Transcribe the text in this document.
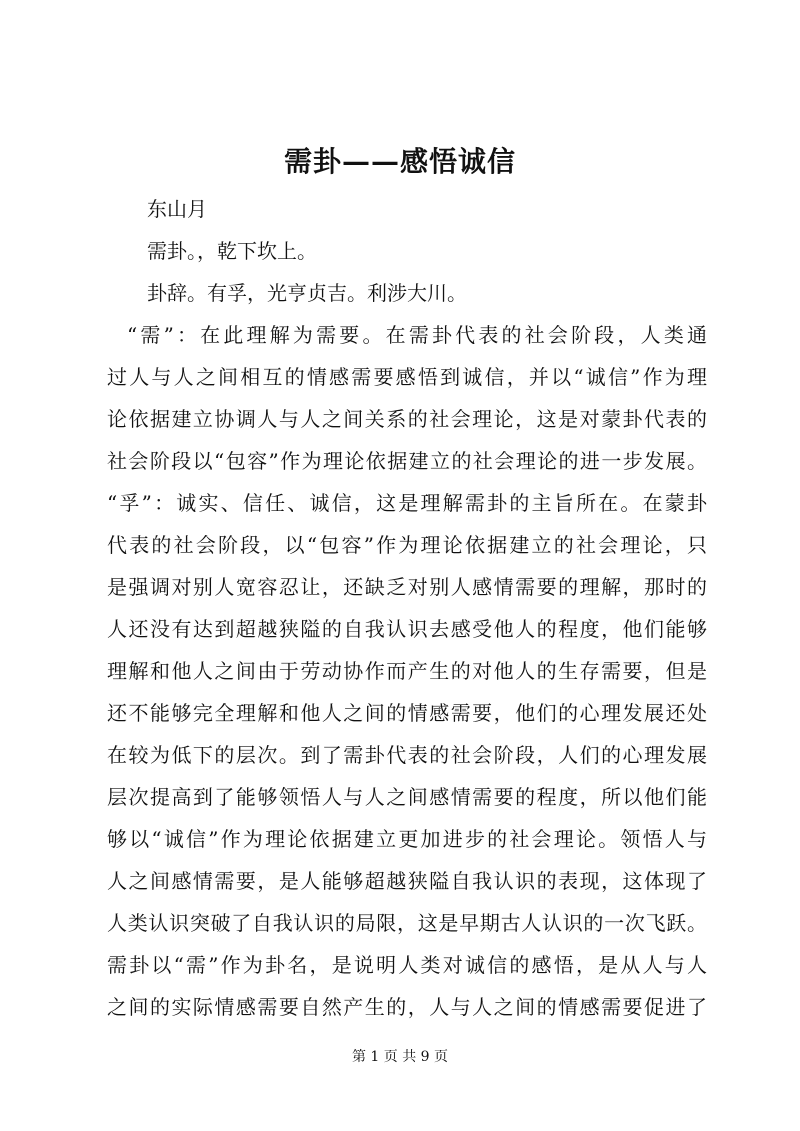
需卦——感悟诚信
东山月
需卦。，乾下坎上。
卦辞。有孚，光亨贞吉。利涉大川。
“需”：在此理解为需要。在需卦代表的社会阶段，人类通
过人与人之间相互的情感需要感悟到诚信，并以“诚信”作为理
论依据建立协调人与人之间关系的社会理论，这是对蒙卦代表的
社会阶段以“包容”作为理论依据建立的社会理论的进一步发展。
“孚”：诚实、信任、诚信，这是理解需卦的主旨所在。在蒙卦
代表的社会阶段，以“包容”作为理论依据建立的社会理论，只
是强调对别人宽容忍让，还缺乏对别人感情需要的理解，那时的
人还没有达到超越狭隘的自我认识去感受他人的程度，他们能够
理解和他人之间由于劳动协作而产生的对他人的生存需要，但是
还不能够完全理解和他人之间的情感需要，他们的心理发展还处
在较为低下的层次。到了需卦代表的社会阶段，人们的心理发展
层次提高到了能够领悟人与人之间感情需要的程度，所以他们能
够以“诚信”作为理论依据建立更加进步的社会理论。领悟人与
人之间感情需要，是人能够超越狭隘自我认识的表现，这体现了
人类认识突破了自我认识的局限，这是早期古人认识的一次飞跃。
需卦以“需”作为卦名，是说明人类对诚信的感悟，是从人与人
之间的实际情感需要自然产生的，人与人之间的情感需要促进了
第 1 页 共 9 页
